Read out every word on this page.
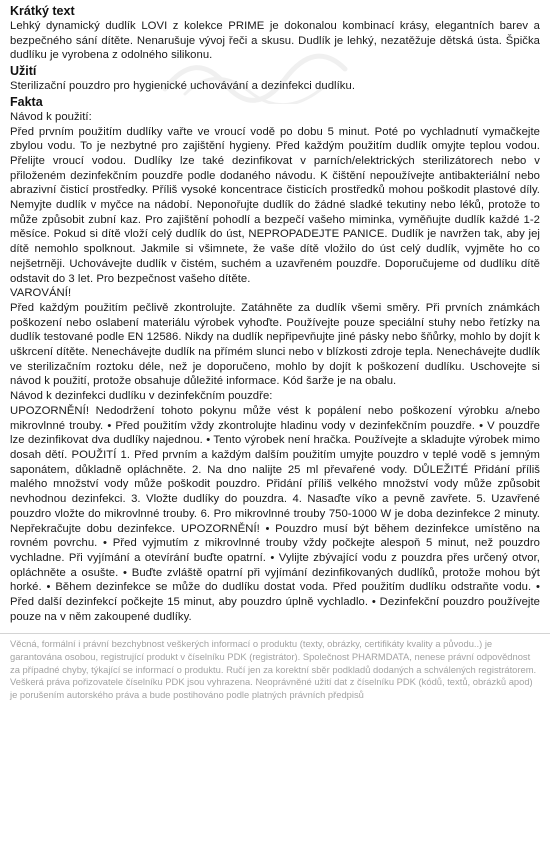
Krátký text

Lehký dynamický dudlík LOVI z kolekce PRIME je dokonalou kombinací krásy, elegantních barev a bezpečného sání dítěte. Nenarušuje vývoj řeči a skusu. Dudlík je lehký, nezatěžuje dětská ústa. Špička dudlíku je vyrobena z odolného silikonu.

Užití

Sterilizační pouzdro pro hygienické uchovávání a dezinfekci dudlíku.

Fakta

Návod k použití:

Před prvním použitím dudlíky vařte ve vroucí vodě po dobu 5 minut. Poté po vychladnutí vymačkejte zbylou vodu. To je nezbytné pro zajištění hygieny. Před každým použitím dudlík omyjte teplou vodou. Přelijte vroucí vodou. Dudlíky lze také dezinfikovat v parních/elektrických sterilizátorech nebo v přiloženém dezinfekčním pouzdře podle dodaného návodu. K čištění nepoužívejte antibakteriální nebo abrazivní čisticí prostředky. Příliš vysoké koncentrace čisticích prostředků mohou poškodit plastové díly. Nemyjte dudlík v myčce na nádobí. Neponořujte dudlík do žádné sladké tekutiny nebo léků, protože to může způsobit zubní kaz. Pro zajištění pohodlí a bezpečí vašeho miminka, vyměňujte dudlík každé 1-2 měsíce. Pokud si dítě vloží celý dudlík do úst, NEPROPADEJTE PANICE. Dudlík je navržen tak, aby jej dítě nemohlo spolknout. Jakmile si všimnete, že vaše dítě vložilo do úst celý dudlík, vyjměte ho co nejšetrněji. Uchovávejte dudlík v čistém, suchém a uzavřeném pouzdře. Doporučujeme od dudlíku dítě odstavit do 3 let. Pro bezpečnost vašeho dítěte.

VAROVÁNÍ!

Před každým použitím pečlivě zkontrolujte. Zatáhněte za dudlík všemi směry. Při prvních známkách poškození nebo oslabení materiálu výrobek vyhoďte. Používejte pouze speciální stuhy nebo řetízky na dudlík testované podle EN 12586. Nikdy na dudlík nepřipevňujte jiné pásky nebo šňůrky, mohlo by dojít k uškrcení dítěte. Nenechávejte dudlík na přímém slunci nebo v blízkosti zdroje tepla. Nenechávejte dudlík ve sterilizačním roztoku déle, než je doporučeno, mohlo by dojít k poškození dudlíku. Uschovejte si návod k použití, protože obsahuje důležité informace. Kód šarže je na obalu.

Návod k dezinfekci dudlíku v dezinfekčním pouzdře:

UPOZORNĚNÍ! Nedodržení tohoto pokynu může vést k popálení nebo poškození výrobku a/nebo mikrovlnné trouby. • Před použitím vždy zkontrolujte hladinu vody v dezinfekčním pouzdře. • V pouzdře lze dezinfikovat dva dudlíky najednou. • Tento výrobek není hračka. Používejte a skladujte výrobek mimo dosah dětí. POUŽITÍ 1. Před prvním a každým dalším použitím umyjte pouzdro v teplé vodě s jemným saponátem, důkladně opláchněte. 2. Na dno nalijte 25 ml převařené vody. DŮLEŽITÉ Přidání příliš malého množství vody může poškodit pouzdro. Přidání příliš velkého množství vody může způsobit nevhodnou dezinfekci. 3. Vložte dudlíky do pouzdra. 4. Nasaďte víko a pevně zavřete. 5. Uzavřené pouzdro vložte do mikrovlnné trouby. 6. Pro mikrovlnné trouby 750-1000 W je doba dezinfekce 2 minuty. Nepřekračujte dobu dezinfekce. UPOZORNĚNÍ! • Pouzdro musí být během dezinfekce umístěno na rovném povrchu. • Před vyjmutím z mikrovlnné trouby vždy počkejte alespoň 5 minut, než pouzdro vychladne. Při vyjímání a otevírání buďte opatrní. • Vylijte zbývající vodu z pouzdra přes určený otvor, opláchněte a osušte. • Buďte zvláště opatrní při vyjímání dezinfikovaných dudlíků, protože mohou být horké. • Během dezinfekce se může do dudlíku dostat voda. Před použitím dudlíku odstraňte vodu. • Před další dezinfekcí počkejte 15 minut, aby pouzdro úplně vychladlo. • Dezinfekční pouzdro používejte pouze na v něm zakoupené dudlíky.

Věcná, formální i právní bezchybnost veškerých informací o produktu (texty, obrázky, certifikáty kvality a původu..) je garantována osobou, registrující produkt v číselníku PDK (registrátor). Společnost PHARMDATA, nenese právní odpovědnost za případné chyby, týkající se informací o produktu. Ručí jen za korektní sběr podkladů dodaných a schválených registrátorem. Veškerá práva pořizovatele číselníku PDK jsou vyhrazena. Neoprávněné užití dat z číselníku PDK (kódů, textů, obrázků apod) je porušením autorského práva a bude postihováno podle platných právních předpisů
